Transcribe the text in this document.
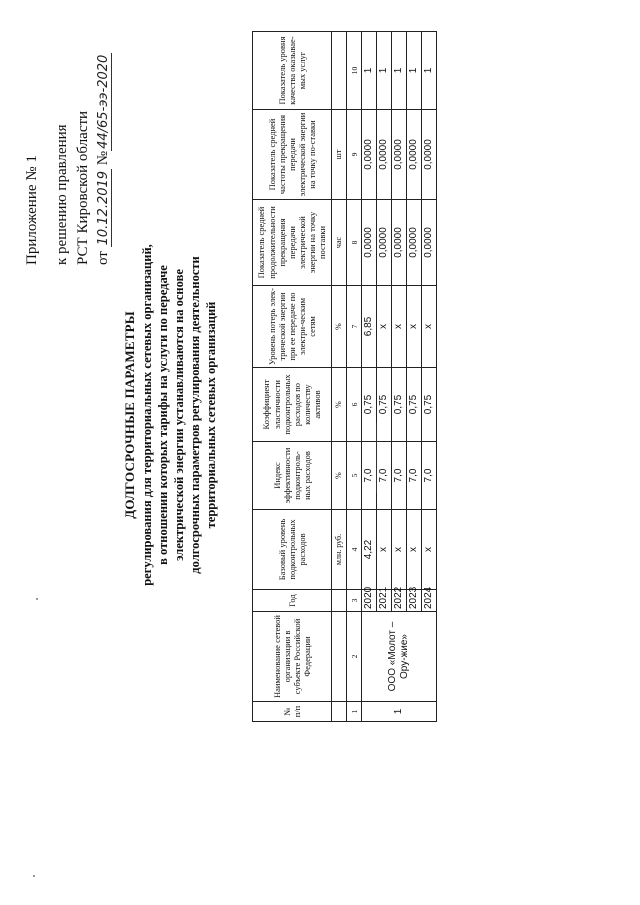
Приложение № 1 к решению правления РСТ Кировской области от 10.12.2019 №44/65-ээ-2020
ДОЛГОСРОЧНЫЕ ПАРАМЕТРЫ регулирования для территориальных сетевых организаций, в отношении которых тарифы на услуги по передаче электрической энергии устанавливаются на основе долгосрочных параметров регулирования деятельности территориальных сетевых организаций
№ п/п	Наименование сетевой организации в субъекте Российской Федерации	Год	Базовый уровень подконтрольных расходов	Индекс эффективности подконтроль-ных расходов	Коэффициент эластичности подконтрольных расходов по количеству активов	Уровень потерь элек-трической энергии при ее передаче по электри-ческим сетям	Показатель средней продолжительности прекращения передачи электрической энергии на точку поставки	Показатель средней частоты прекращения передачи электрической энергии на точку по-ставки	Показатель уровня качества оказывае-мых услуг
			млн. руб.	%	%	%	час	шт	
1	2	3	4	5	6	7	8	9	10
1	ООО «Молот – Ору-жие»	2020	4,22	7,0	0,75	6,85	0,0000	0,0000	1
		2021	х	7,0	0,75	х	0,0000	0,0000	1
		2022	х	7,0	0,75	х	0,0000	0,0000	1
		2023	х	7,0	0,75	х	0,0000	0,0000	1
		2024	х	7,0	0,75	х	0,0000	0,0000	1
